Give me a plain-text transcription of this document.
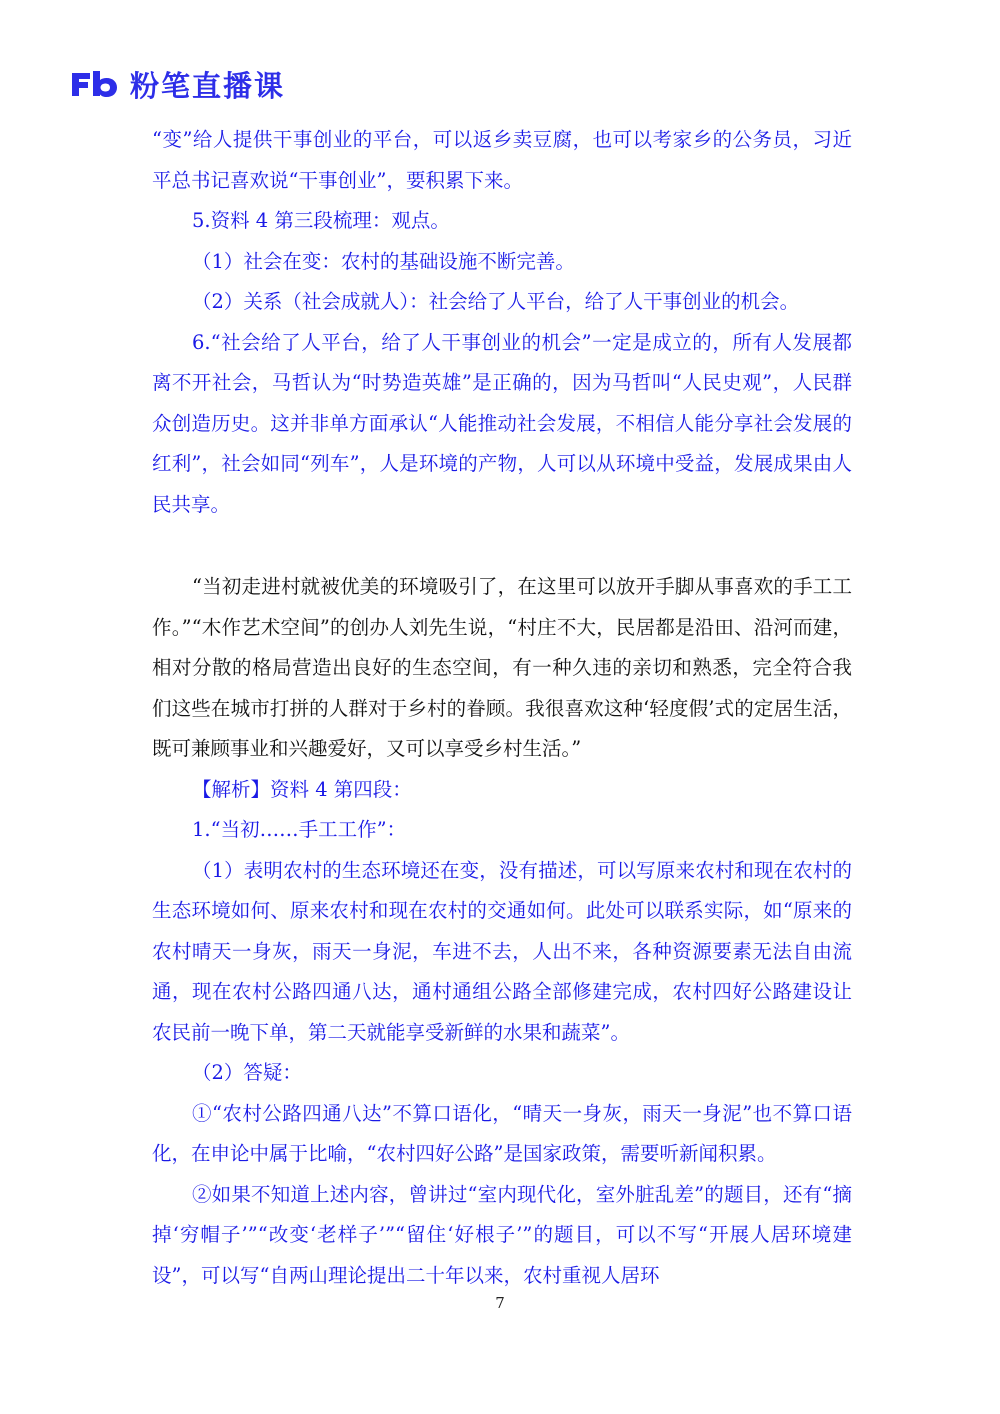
粉笔直播课

“变”给人提供干事创业的平台，可以返乡卖豆腐，也可以考家乡的公务员，习近平总书记喜欢说“干事创业”，要积累下来。

5.资料 4 第三段梳理：观点。

（1）社会在变：农村的基础设施不断完善。

（2）关系（社会成就人）：社会给了人平台，给了人干事创业的机会。

6.“社会给了人平台，给了人干事创业的机会”一定是成立的，所有人发展都离不开社会，马哲认为“时势造英雄”是正确的，因为马哲叫“人民史观”，人民群众创造历史。这并非单方面承认“人能推动社会发展，不相信人能分享社会发展的红利”，社会如同“列车”，人是环境的产物，人可以从环境中受益，发展成果由人民共享。

“当初走进村就被优美的环境吸引了，在这里可以放开手脚从事喜欢的手工工作。”“木作艺术空间”的创办人刘先生说，“村庄不大，民居都是沿田、沿河而建，相对分散的格局营造出良好的生态空间，有一种久违的亲切和熟悉，完全符合我们这些在城市打拼的人群对于乡村的眷顾。我很喜欢这种‘轻度假’式的定居生活，既可兼顾事业和兴趣爱好，又可以享受乡村生活。”

【解析】资料 4 第四段：

1.“当初……手工工作”：

（1）表明农村的生态环境还在变，没有描述，可以写原来农村和现在农村的生态环境如何、原来农村和现在农村的交通如何。此处可以联系实际，如“原来的农村晴天一身灰，雨天一身泥，车进不去，人出不来，各种资源要素无法自由流通，现在农村公路四通八达，通村通组公路全部修建完成，农村四好公路建设让农民前一晚下单，第二天就能享受新鲜的水果和蔬菜”。

（2）答疑：

①“农村公路四通八达”不算口语化，“晴天一身灰，雨天一身泥”也不算口语化，在申论中属于比喻，“农村四好公路”是国家政策，需要听新闻积累。

②如果不知道上述内容，曾讲过“室内现代化，室外脏乱差”的题目，还有“摘掉‘穷帽子’”“改变‘老样子’”“留住‘好根子’”的题目，可以不写“开展人居环境建设”，可以写“自两山理论提出二十年以来，农村重视人居环

7
